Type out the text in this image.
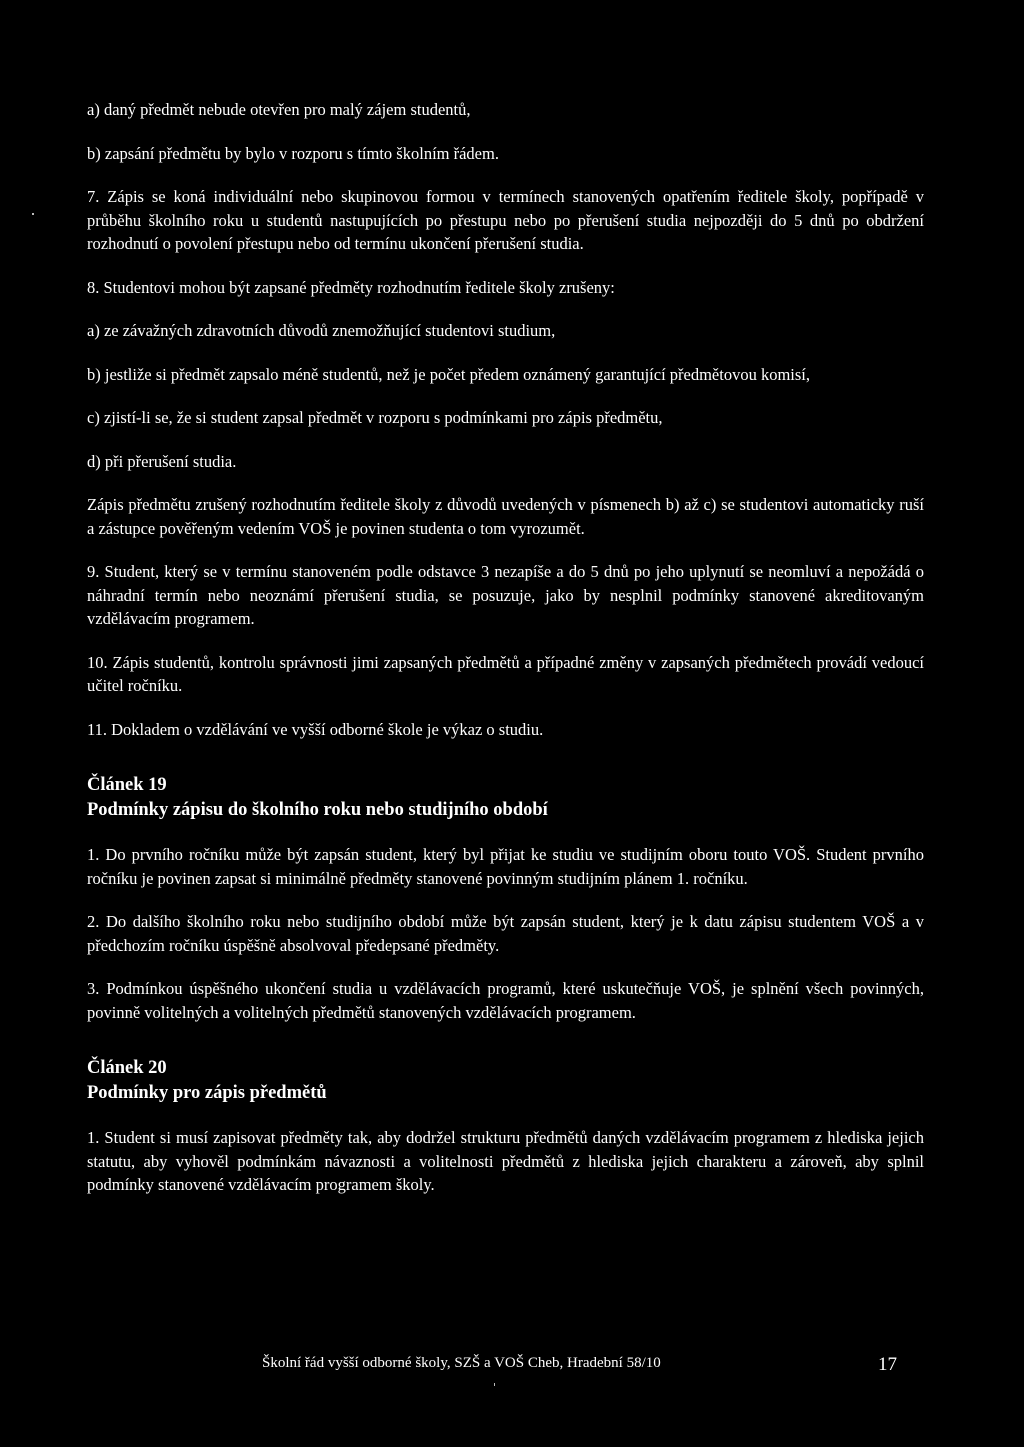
a) daný předmět nebude otevřen pro malý zájem studentů,

b) zapsání předmětu by bylo v rozporu s tímto školním řádem.

7. Zápis se koná individuální nebo skupinovou formou v termínech stanovených opatřením ředitele školy, popřípadě v průběhu školního roku u studentů nastupujících po přestupu nebo po přerušení studia nejpozději do 5 dnů po obdržení rozhodnutí o povolení přestupu nebo od termínu ukončení přerušení studia.

8. Studentovi mohou být zapsané předměty rozhodnutím ředitele školy zrušeny:

a) ze závažných zdravotních důvodů znemožňující studentovi studium,

b) jestliže si předmět zapsalo méně studentů, než je počet předem oznámený garantující předmětovou komisí,

c) zjistí-li se, že si student zapsal předmět v rozporu s podmínkami pro zápis předmětu,

d) při přerušení studia.

Zápis předmětu zrušený rozhodnutím ředitele školy z důvodů uvedených v písmenech b) až c) se studentovi automaticky ruší a zástupce pověřeným vedením VOŠ je povinen studenta o tom vyrozumět.

9. Student, který se v termínu stanoveném podle odstavce 3 nezapíše a do 5 dnů po jeho uplynutí se neomluví a nepožádá o náhradní termín nebo neoznámí přerušení studia, se posuzuje, jako by nesplnil podmínky stanovené akreditovaným vzdělávacím programem.

10. Zápis studentů, kontrolu správnosti jimi zapsaných předmětů a případné změny v zapsaných předmětech provádí vedoucí učitel ročníku.

11. Dokladem o vzdělávání ve vyšší odborné škole je výkaz o studiu.

Článek 19
Podmínky zápisu do školního roku nebo studijního období

1. Do prvního ročníku může být zapsán student, který byl přijat ke studiu ve studijním oboru touto VOŠ. Student prvního ročníku je povinen zapsat si minimálně předměty stanovené povinným studijním plánem 1. ročníku.

2. Do dalšího školního roku nebo studijního období může být zapsán student, který je k datu zápisu studentem VOŠ a v předchozím ročníku úspěšně absolvoval předepsané předměty.

3. Podmínkou úspěšného ukončení studia u vzdělávacích programů, které uskutečňuje VOŠ, je splnění všech povinných, povinně volitelných a volitelných předmětů stanovených vzdělávacích programem.

Článek 20
Podmínky pro zápis předmětů

1. Student si musí zapisovat předměty tak, aby dodržel strukturu předmětů daných vzdělávacím programem z hlediska jejich statutu, aby vyhověl podmínkám návaznosti a volitelnosti předmětů z hlediska jejich charakteru a zároveň, aby splnil podmínky stanovené vzdělávacím programem školy.

Školní řád vyšší odborné školy, SZŠ a VOŠ Cheb, Hradební 58/10	17
